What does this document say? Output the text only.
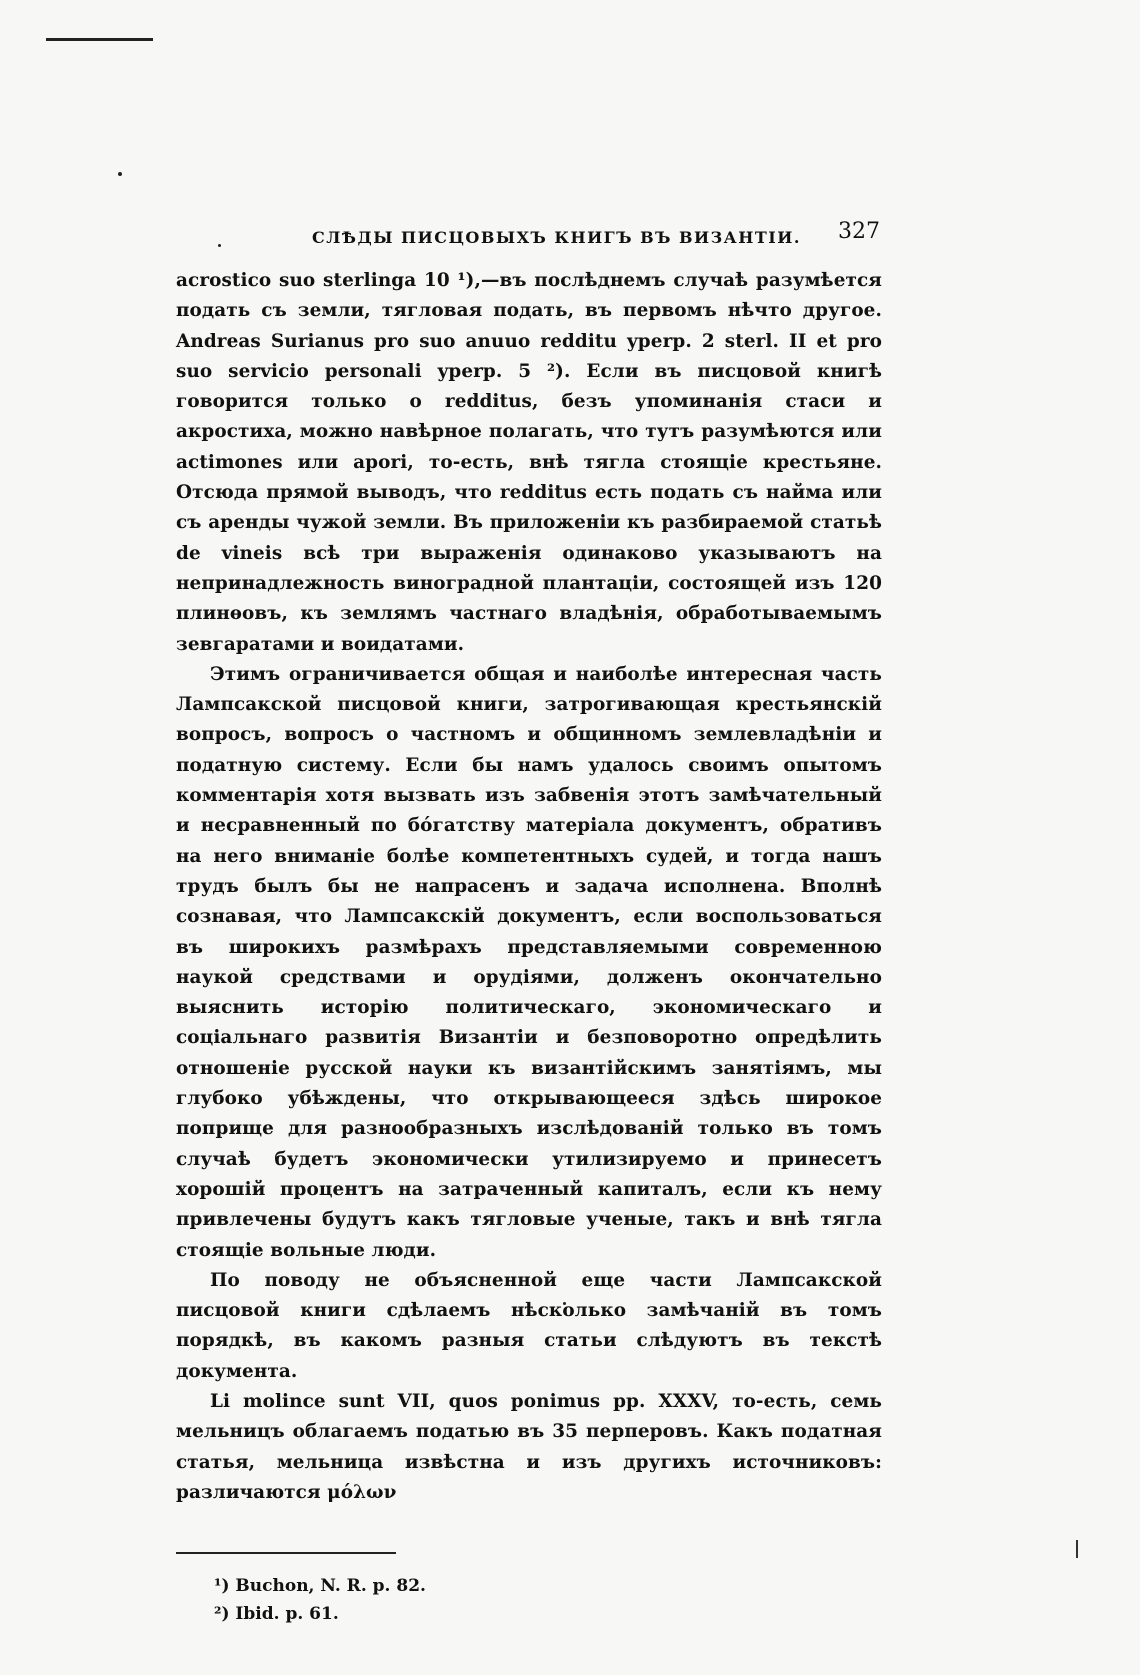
СЛѢДЫ ПИСЦОВЫХЪ КНИГЪ ВЪ ВИЗАНТІИ. 327

acrostico suo sterlinga 10 ¹),—въ послѣднемъ случаѣ разумѣется подать съ земли, тягловая подать, въ первомъ нѣчто другое. Andreas Surianus pro suo anuuo redditu yperp. 2 sterl. II et pro suo servicio personali yperp. 5 ²). Если въ писцовой книгѣ говорится только о redditus, безъ упоминанія стаси и акростиха, можно навѣрное полагать, что тутъ разумѣются или actimones или apori, то-есть, внѣ тягла стоящіе крестьяне. Отсюда прямой выводъ, что redditus есть подать съ найма или съ аренды чужой земли. Въ приложеніи къ разбираемой статьѣ de vineis всѣ три выраженія одинаково указываютъ на непринадлежность виноградной плантаціи, состоящей изъ 120 плинѳовъ, къ землямъ частнаго владѣнія, обработываемымъ зевгаратами и воидатами.

Этимъ ограничивается общая и наиболѣе интересная часть Лампсакской писцовой книги, затрогивающая крестьянскій вопросъ, вопросъ о частномъ и общинномъ землевладѣніи и податную систему. Если бы намъ удалось своимъ опытомъ комментарія хотя вызвать изъ забвенія этотъ замѣчательный и несравненный по бо́гатству матеріала документъ, обративъ на него вниманіе болѣе компетентныхъ судей, и тогда нашъ трудъ былъ бы не напрасенъ и задача исполнена. Вполнѣ сознавая, что Лампсакскій документъ, если воспользоваться въ широкихъ размѣрахъ представляемыми современною наукой средствами и орудіями, долженъ окончательно выяснить исторію политическаго, экономическаго и соціальнаго развитія Византіи и безповоротно опредѣлить отношеніе русской науки къ византійскимъ занятіямъ, мы глубоко убѣждены, что открывающееся здѣсь широкое поприще для разнообразныхъ изслѣдованій только въ томъ случаѣ будетъ экономически утилизируемо и принесетъ хорошій процентъ на затраченный капиталъ, если къ нему привлечены будутъ какъ тягловые ученые, такъ и внѣ тягла стоящіе вольные люди.

По поводу не объясненной еще части Лампсакской писцовой книги сдѣлаемъ нѣсколько замѣчаній въ томъ порядкѣ, въ какомъ разныя статьи слѣдуютъ въ текстѣ документа.

Li molince sunt VII, quos ponimus pp. XXXV, то-есть, семь мельницъ облагаемъ податью въ 35 перперовъ. Какъ податная статья, мельница извѣстна и изъ другихъ источниковъ: различаются μόλων

¹) Buchon, N. R. p. 82.
²) Ibid. p. 61.
